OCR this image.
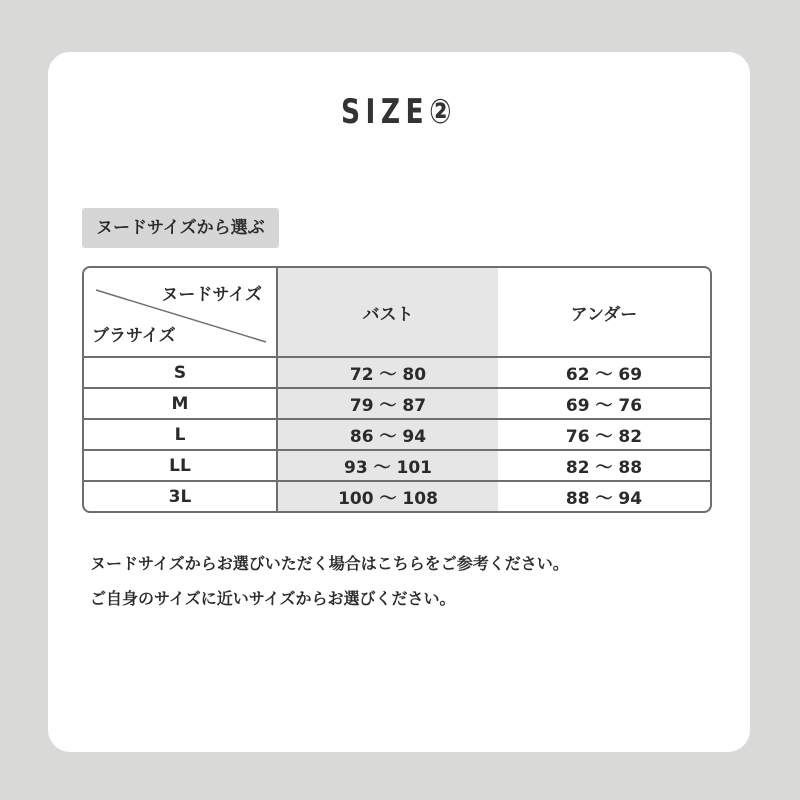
SIZE②
ヌードサイズから選ぶ
ヌードサイズ
ブラサイズ	バスト	アンダー
S	72 〜 80	62 〜 69
M	79 〜 87	69 〜 76
L	86 〜 94	76 〜 82
LL	93 〜 101	82 〜 88
3L	100 〜 108	88 〜 94

ヌードサイズからお選びいただく場合はこちらをご参考ください。

ご自身のサイズに近いサイズからお選びください。
